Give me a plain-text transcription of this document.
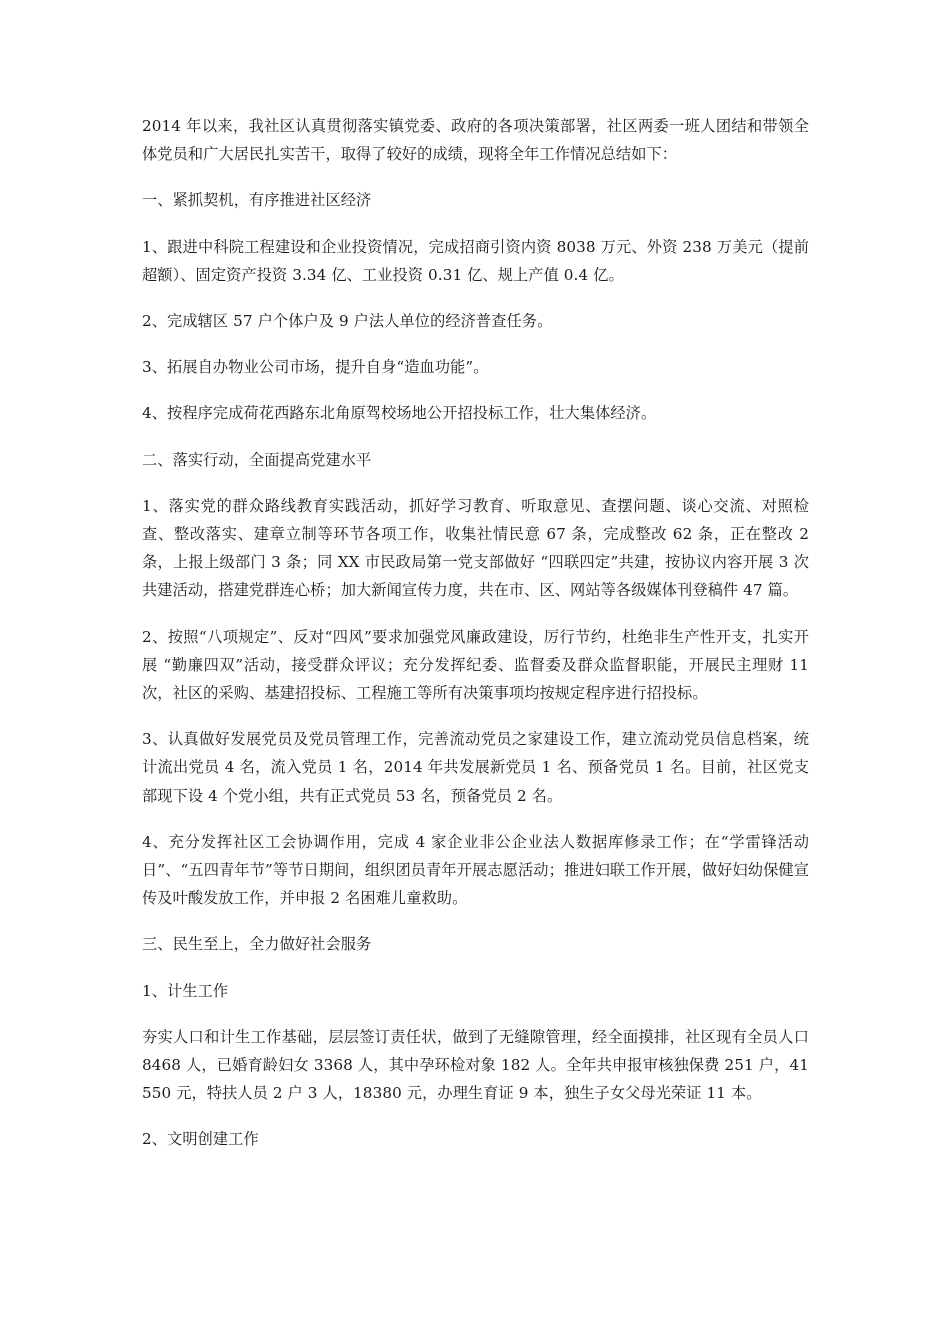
2014 年以来，我社区认真贯彻落实镇党委、政府的各项决策部署，社区两委一班人团结和带领全体党员和广大居民扎实苦干，取得了较好的成绩，现将全年工作情况总结如下：

一、紧抓契机，有序推进社区经济

1、跟进中科院工程建设和企业投资情况，完成招商引资内资 8038 万元、外资 238 万美元（提前超额）、固定资产投资 3.34 亿、工业投资 0.31 亿、规上产值 0.4 亿。

2、完成辖区 57 户个体户及 9 户法人单位的经济普查任务。

3、拓展自办物业公司市场，提升自身“造血功能”。

4、按程序完成荷花西路东北角原驾校场地公开招投标工作，壮大集体经济。

二、落实行动，全面提高党建水平

1、落实党的群众路线教育实践活动，抓好学习教育、听取意见、查摆问题、谈心交流、对照检查、整改落实、建章立制等环节各项工作，收集社情民意 67 条，完成整改 62 条，正在整改 2 条，上报上级部门 3 条；同 XX 市民政局第一党支部做好 “四联四定”共建，按协议内容开展 3 次共建活动，搭建党群连心桥；加大新闻宣传力度，共在市、区、网站等各级媒体刊登稿件 47 篇。

2、按照“八项规定”、反对“四风”要求加强党风廉政建设，厉行节约，杜绝非生产性开支，扎实开展 “勤廉四双”活动，接受群众评议；充分发挥纪委、监督委及群众监督职能，开展民主理财 11 次，社区的采购、基建招投标、工程施工等所有决策事项均按规定程序进行招投标。

3、认真做好发展党员及党员管理工作，完善流动党员之家建设工作，建立流动党员信息档案，统计流出党员 4 名，流入党员 1 名，2014 年共发展新党员 1 名、预备党员 1 名。目前，社区党支部现下设 4 个党小组，共有正式党员 53 名，预备党员 2 名。

4、充分发挥社区工会协调作用，完成 4 家企业非公企业法人数据库修录工作；在“学雷锋活动日”、“五四青年节”等节日期间，组织团员青年开展志愿活动；推进妇联工作开展，做好妇幼保健宣传及叶酸发放工作，并申报 2 名困难儿童救助。

三、民生至上，全力做好社会服务

1、计生工作

夯实人口和计生工作基础，层层签订责任状，做到了无缝隙管理，经全面摸排，社区现有全员人口 8468 人，已婚育龄妇女 3368 人，其中孕环检对象 182 人。全年共申报审核独保费 251 户，41550 元，特扶人员 2 户 3 人，18380 元，办理生育证 9 本，独生子女父母光荣证 11 本。

2、文明创建工作
